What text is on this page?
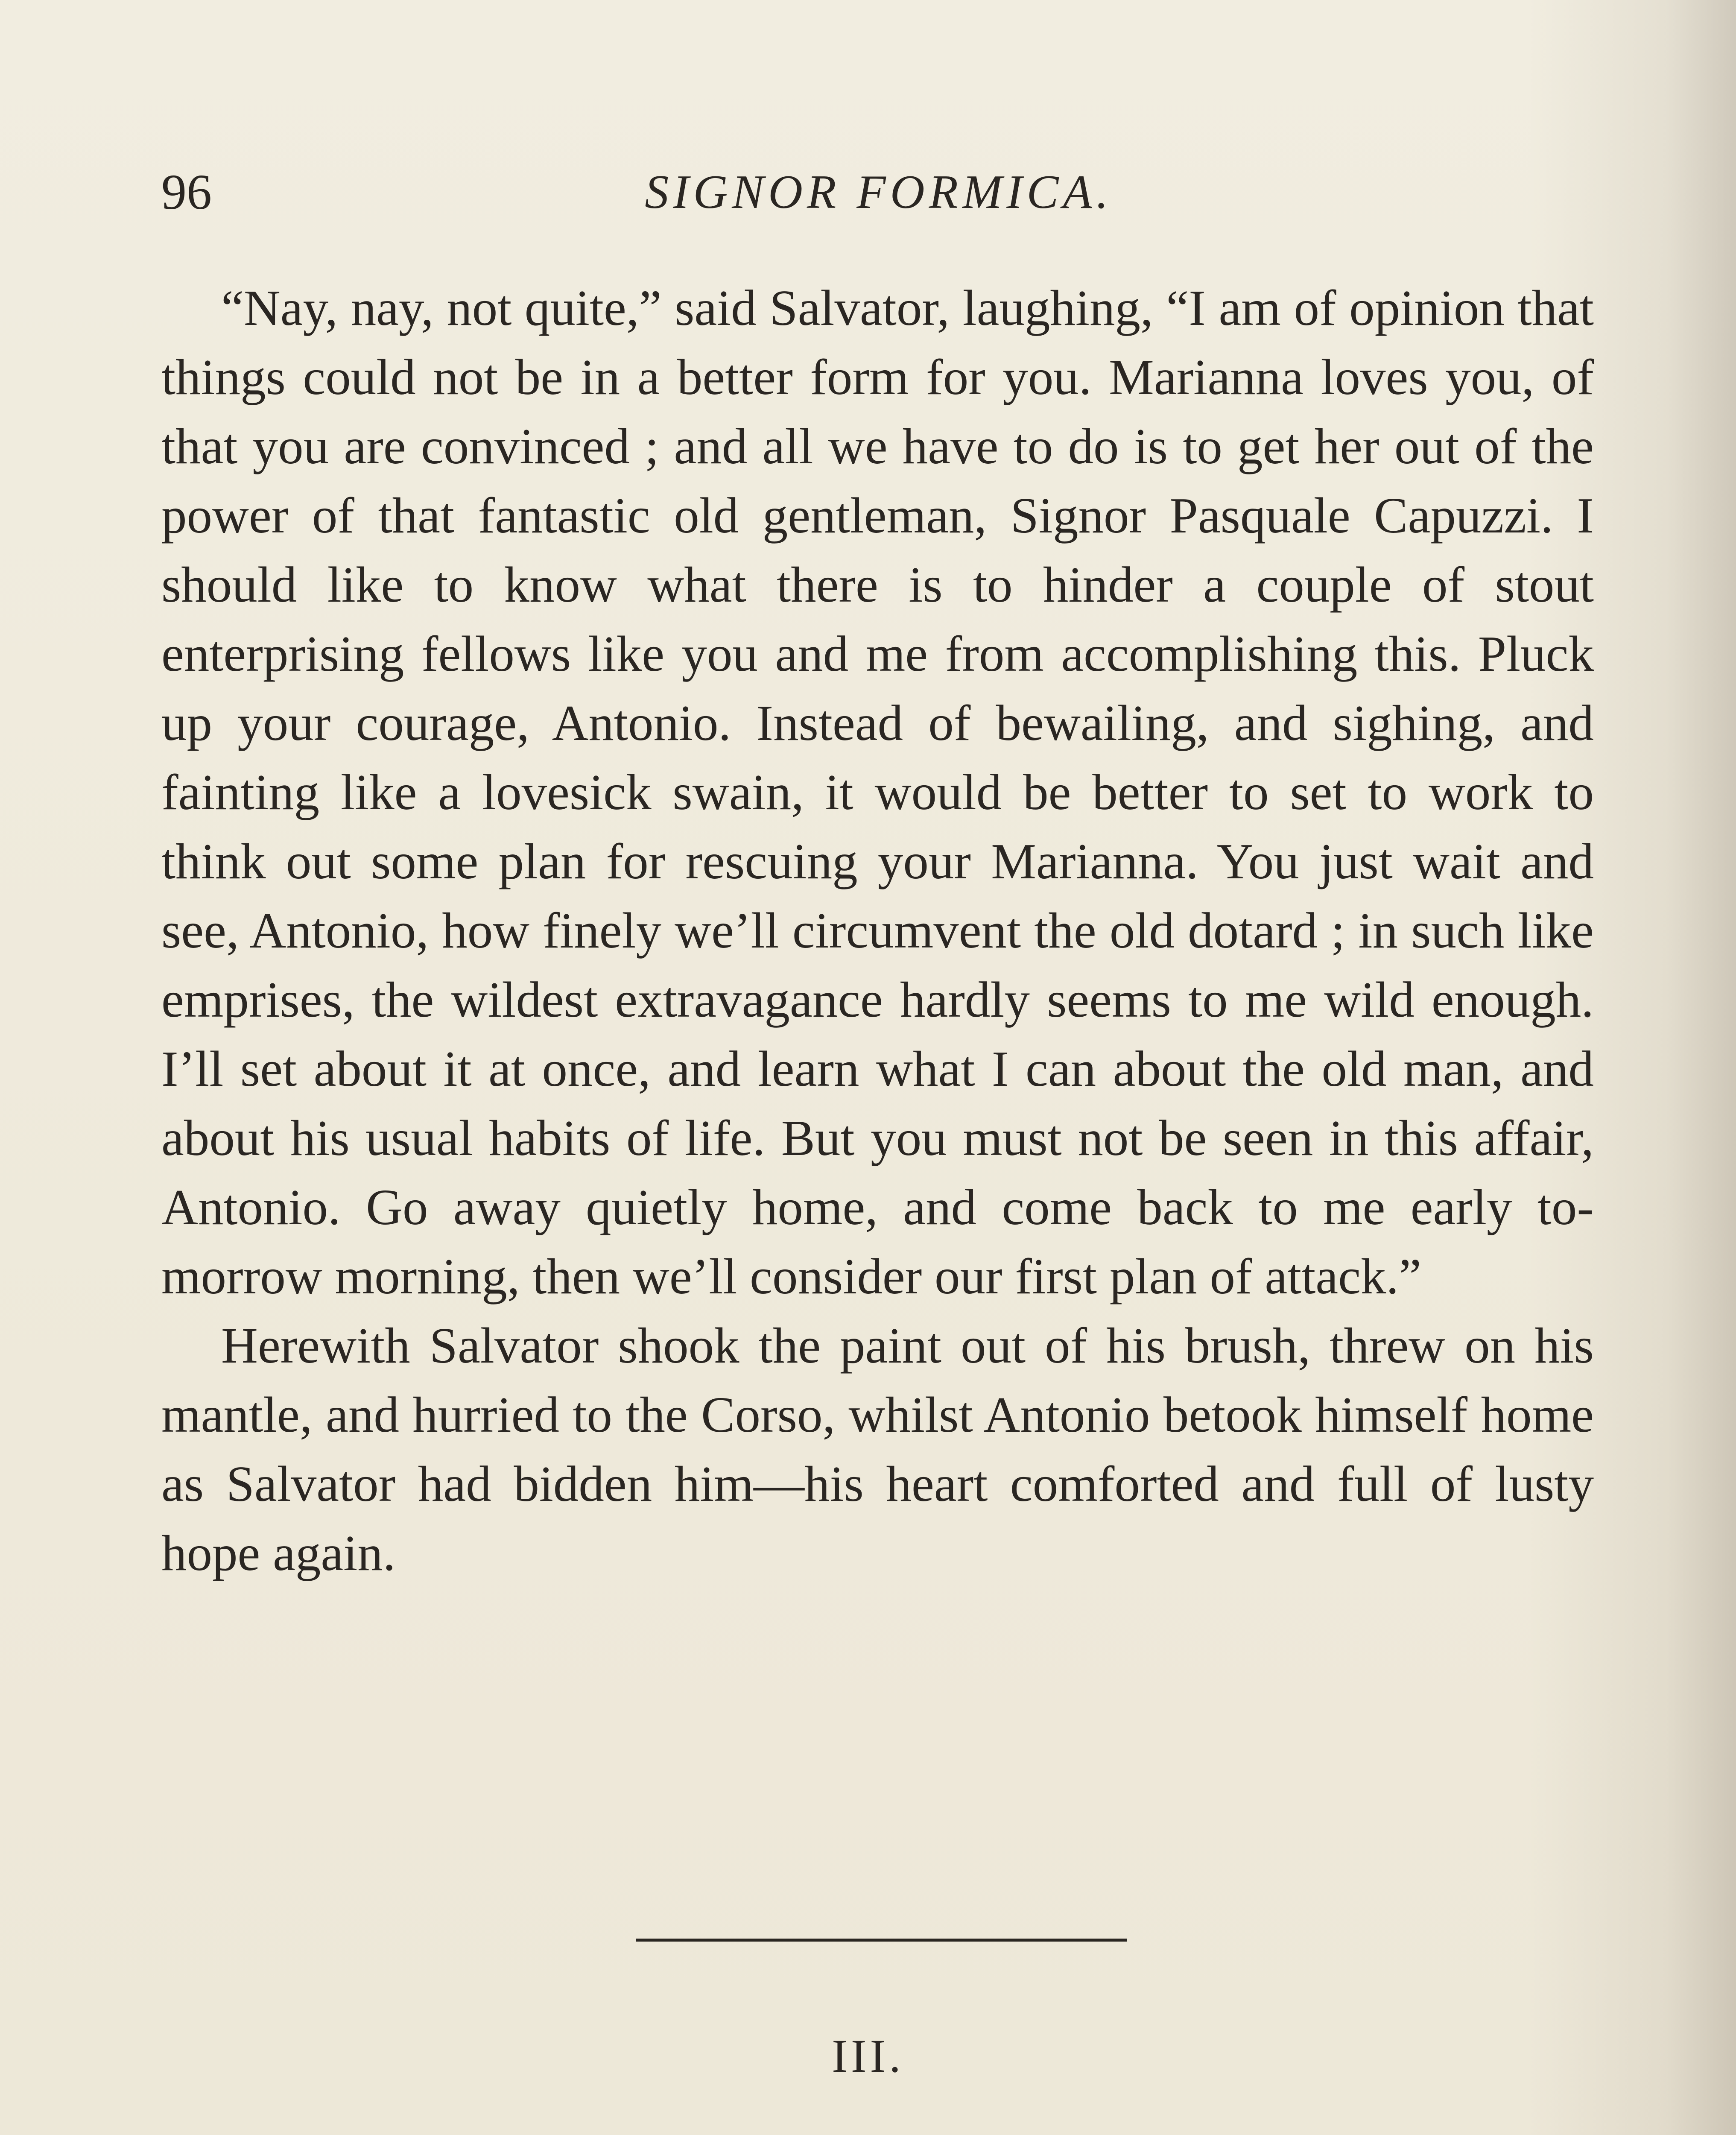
96	SIGNOR FORMICA.

“Nay, nay, not quite,” said Salvator, laughing, “I am of opinion that things could not be in a better form for you. Marianna loves you, of that you are convinced ; and all we have to do is to get her out of the power of that fantastic old gentleman, Signor Pasquale Capuzzi. I should like to know what there is to hinder a couple of stout enterprising fellows like you and me from accomplishing this. Pluck up your courage, Antonio. Instead of bewailing, and sighing, and fainting like a lovesick swain, it would be better to set to work to think out some plan for rescuing your Marianna. You just wait and see, Antonio, how finely we’ll circumvent the old dotard ; in such like emprises, the wildest extravagance hardly seems to me wild enough. I’ll set about it at once, and learn what I can about the old man, and about his usual habits of life. But you must not be seen in this affair, Antonio. Go away quietly home, and come back to me early to-morrow morning, then we’ll consider our first plan of attack.”

Herewith Salvator shook the paint out of his brush, threw on his mantle, and hurried to the Corso, whilst Antonio betook himself home as Salvator had bidden him—his heart comforted and full of lusty hope again.

III.
